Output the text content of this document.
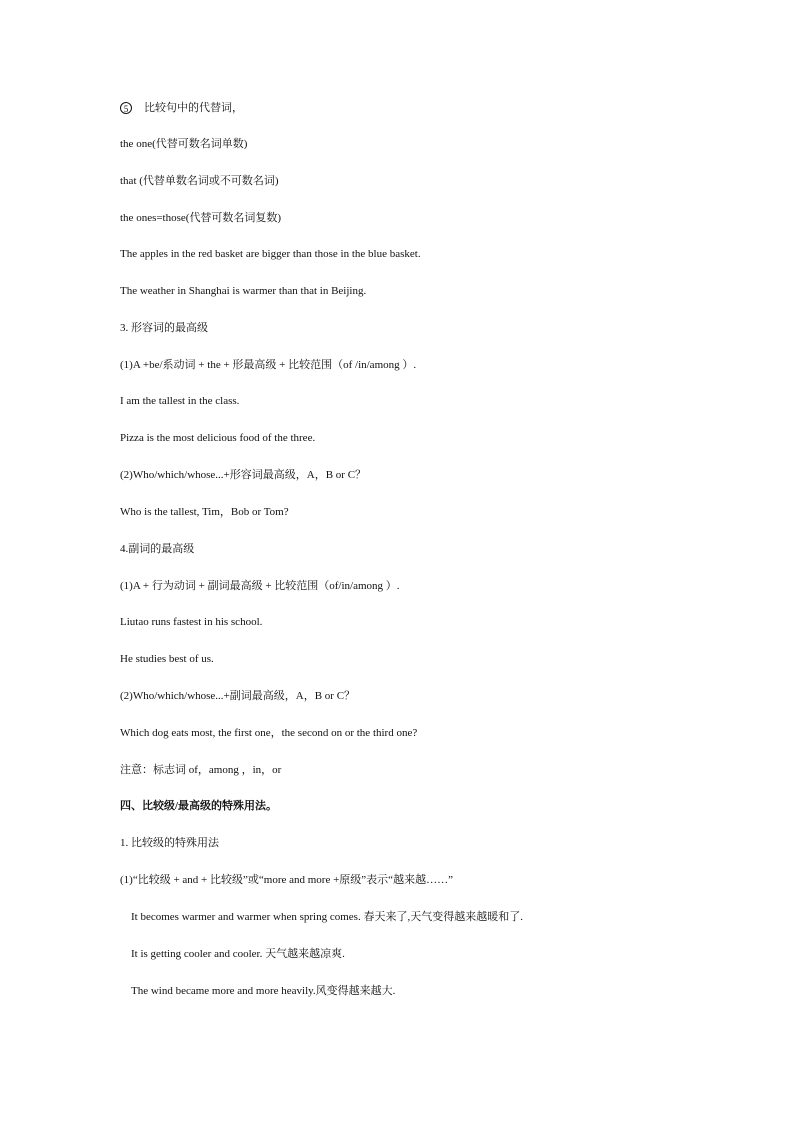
5 比较句中的代替词，
the one(代替可数名词单数)
that (代替单数名词或不可数名词)
the ones=those(代替可数名词复数)
The apples in the red basket are bigger than those in the blue basket.
The weather in Shanghai is warmer than that in Beijing.
3. 形容词的最高级
(1)A +be/系动词 + the + 形最高级 + 比较范围（of /in/among ）.
I am the tallest in the class.
Pizza is the most delicious food of the three.
(2)Who/which/whose...+形容词最高级，A，B or C？
Who is the tallest, Tim，Bob or Tom?
4.副词的最高级
(1)A + 行为动词 + 副词最高级 + 比较范围（of/in/among ）.
Liutao runs fastest in his school.
He studies best of us.
(2)Who/which/whose...+副词最高级，A，B or C？
Which dog eats most, the first one，the second on or the third one?
注意：标志词 of，among ，in，or
四、比较级/最高级的特殊用法。
1. 比较级的特殊用法
(1)“比较级 + and + 比较级”或“more and more +原级”表示“越来越……”
It becomes warmer and warmer when spring comes. 春天来了,天气变得越来越暖和了.
It is getting cooler and cooler. 天气越来越凉爽.
The wind became more and more heavily.风变得越来越大.
